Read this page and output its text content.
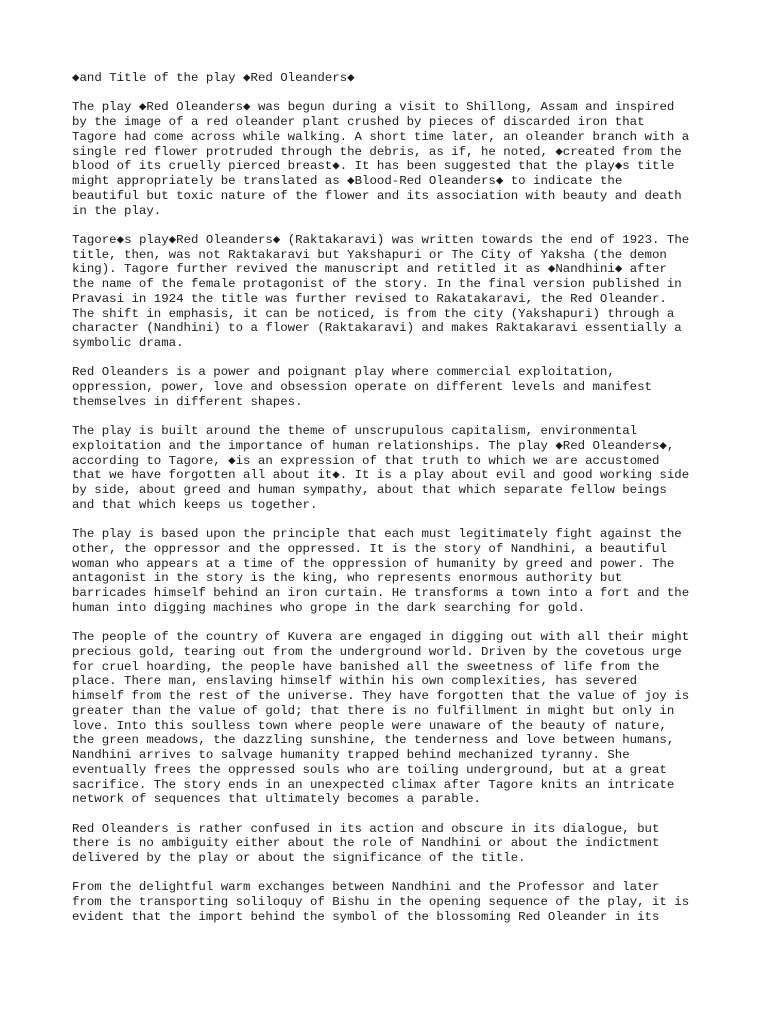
◆and Title of the play ◆Red Oleanders◆

The play ◆Red Oleanders◆ was begun during a visit to Shillong, Assam and inspired
by the image of a red oleander plant crushed by pieces of discarded iron that
Tagore had come across while walking. A short time later, an oleander branch with a
single red flower protruded through the debris, as if, he noted, ◆created from the
blood of its cruelly pierced breast◆. It has been suggested that the play◆s title
might appropriately be translated as ◆Blood-Red Oleanders◆ to indicate the
beautiful but toxic nature of the flower and its association with beauty and death
in the play.

Tagore◆s play◆Red Oleanders◆ (Raktakaravi) was written towards the end of 1923. The
title, then, was not Raktakaravi but Yakshapuri or The City of Yaksha (the demon
king). Tagore further revived the manuscript and retitled it as ◆Nandhini◆ after
the name of the female protagonist of the story. In the final version published in
Pravasi in 1924 the title was further revised to Rakatakaravi, the Red Oleander.
The shift in emphasis, it can be noticed, is from the city (Yakshapuri) through a
character (Nandhini) to a flower (Raktakaravi) and makes Raktakaravi essentially a
symbolic drama.

Red Oleanders is a power and poignant play where commercial exploitation,
oppression, power, love and obsession operate on different levels and manifest
themselves in different shapes.

The play is built around the theme of unscrupulous capitalism, environmental
exploitation and the importance of human relationships. The play ◆Red Oleanders◆,
according to Tagore, ◆is an expression of that truth to which we are accustomed
that we have forgotten all about it◆. It is a play about evil and good working side
by side, about greed and human sympathy, about that which separate fellow beings
and that which keeps us together.

The play is based upon the principle that each must legitimately fight against the
other, the oppressor and the oppressed. It is the story of Nandhini, a beautiful
woman who appears at a time of the oppression of humanity by greed and power. The
antagonist in the story is the king, who represents enormous authority but
barricades himself behind an iron curtain. He transforms a town into a fort and the
human into digging machines who grope in the dark searching for gold.

The people of the country of Kuvera are engaged in digging out with all their might
precious gold, tearing out from the underground world. Driven by the covetous urge
for cruel hoarding, the people have banished all the sweetness of life from the
place. There man, enslaving himself within his own complexities, has severed
himself from the rest of the universe. They have forgotten that the value of joy is
greater than the value of gold; that there is no fulfillment in might but only in
love. Into this soulless town where people were unaware of the beauty of nature,
the green meadows, the dazzling sunshine, the tenderness and love between humans,
Nandhini arrives to salvage humanity trapped behind mechanized tyranny. She
eventually frees the oppressed souls who are toiling underground, but at a great
sacrifice. The story ends in an unexpected climax after Tagore knits an intricate
network of sequences that ultimately becomes a parable.

Red Oleanders is rather confused in its action and obscure in its dialogue, but
there is no ambiguity either about the role of Nandhini or about the indictment
delivered by the play or about the significance of the title.

From the delightful warm exchanges between Nandhini and the Professor and later
from the transporting soliloquy of Bishu in the opening sequence of the play, it is
evident that the import behind the symbol of the blossoming Red Oleander in its
